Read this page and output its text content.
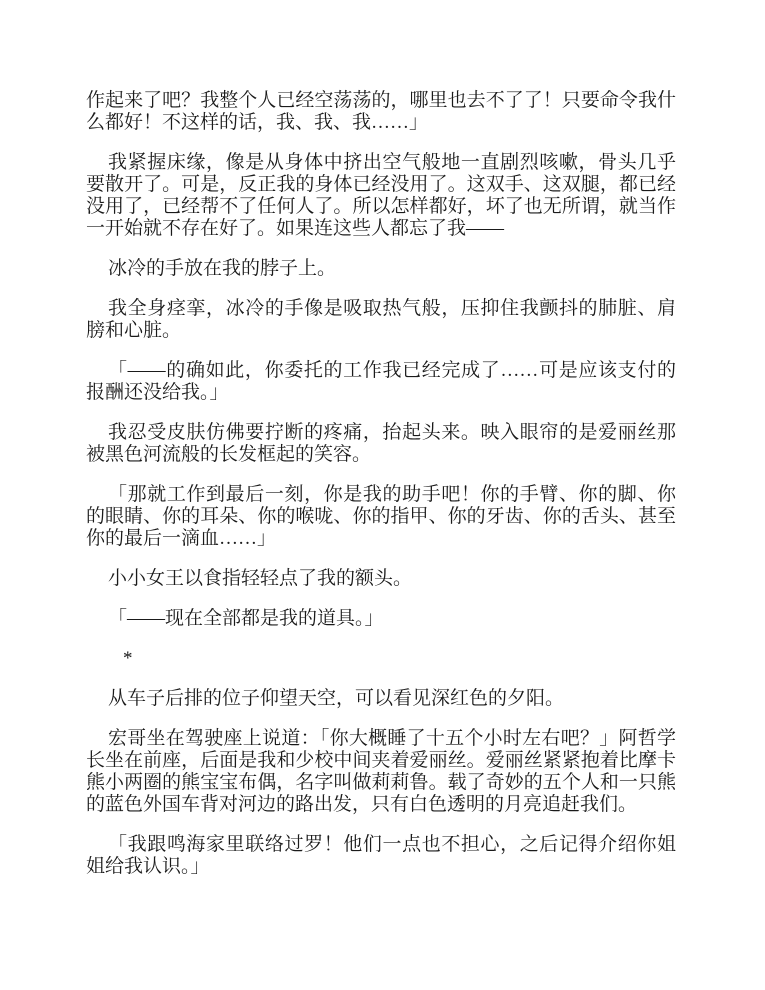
作起来了吧？我整个人已经空荡荡的，哪里也去不了了！只要命令我什么都好！不这样的话，我、我、我……」

我紧握床缘，像是从身体中挤出空气般地一直剧烈咳嗽，骨头几乎要散开了。可是，反正我的身体已经没用了。这双手、这双腿，都已经没用了，已经帮不了任何人了。所以怎样都好，坏了也无所谓，就当作一开始就不存在好了。如果连这些人都忘了我——

冰冷的手放在我的脖子上。

我全身痉挛，冰冷的手像是吸取热气般，压抑住我颤抖的肺脏、肩膀和心脏。

「——的确如此，你委托的工作我已经完成了……可是应该支付的报酬还没给我。」

我忍受皮肤仿佛要拧断的疼痛，抬起头来。映入眼帘的是爱丽丝那被黑色河流般的长发框起的笑容。

「那就工作到最后一刻，你是我的助手吧！你的手臂、你的脚、你的眼睛、你的耳朵、你的喉咙、你的指甲、你的牙齿、你的舌头、甚至你的最后一滴血……」

小小女王以食指轻轻点了我的额头。

「——现在全部都是我的道具。」

*

从车子后排的位子仰望天空，可以看见深红色的夕阳。

宏哥坐在驾驶座上说道：「你大概睡了十五个小时左右吧？」阿哲学长坐在前座，后面是我和少校中间夹着爱丽丝。爱丽丝紧紧抱着比摩卡熊小两圈的熊宝宝布偶，名字叫做莉莉鲁。载了奇妙的五个人和一只熊的蓝色外国车背对河边的路出发，只有白色透明的月亮追赶我们。

「我跟鸣海家里联络过罗！他们一点也不担心，之后记得介绍你姐姐给我认识。」
